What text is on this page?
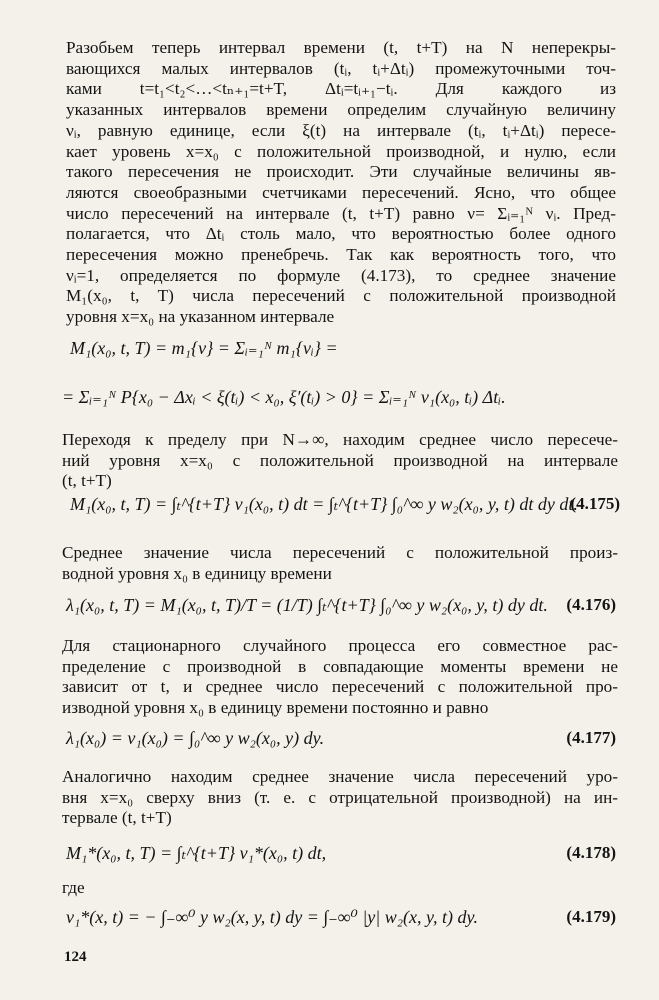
Разобьем теперь интервал времени (t, t+T) на N неперекры-
вающихся малых интервалов (tᵢ, tᵢ+Δtᵢ) промежуточными точ-
ками t=t₁<t₂<…<tₙ₊₁=t+T, Δtᵢ=tᵢ₊₁−tᵢ. Для каждого из
указанных интервалов времени определим случайную величину
νᵢ, равную единице, если ξ(t) на интервале (tᵢ, tᵢ+Δtᵢ) пересе-
кает уровень x=x₀ с положительной производной, и нулю, если
такого пересечения не происходит. Эти случайные величины яв-
ляются своеобразными счетчиками пересечений. Ясно, что общее
число пересечений на интервале (t, t+T) равно ν= Σᵢ₌₁ᴺ νᵢ. Пред-
полагается, что Δtᵢ столь мало, что вероятностью более одного
пересечения можно пренебречь. Так как вероятность того, что
νᵢ=1, определяется по формуле (4.173), то среднее значение
M₁(x₀, t, T) числа пересечений с положительной производной
уровня x=x₀ на указанном интервале
M₁(x₀, t, T) = m₁{ν} = Σᵢ₌₁ᴺ m₁{νᵢ} =
= Σᵢ₌₁ᴺ P{x₀ − Δxᵢ < ξ(tᵢ) < x₀, ξ′(tᵢ) > 0} = Σᵢ₌₁ᴺ v₁(x₀, tᵢ) Δtᵢ.
Переходя к пределу при N→∞, находим среднее число пересече-
ний уровня x=x₀ с положительной производной на интервале
(t, t+T)
M₁(x₀, t, T) = ∫ₜ^{t+T} v₁(x₀, t) dt = ∫ₜ^{t+T} ∫₀^∞ y w₂(x₀, y, t) dt dy dt.
(4.175)
Среднее значение числа пересечений с положительной произ-
водной уровня x₀ в единицу времени
λ₁(x₀, t, T) = M₁(x₀, t, T)/T = (1/T) ∫ₜ^{t+T} ∫₀^∞ y w₂(x₀, y, t) dy dt. (4.176)
Для стационарного случайного процесса его совместное рас-
пределение с производной в совпадающие моменты времени не
зависит от t, и среднее число пересечений с положительной про-
изводной уровня x₀ в единицу времени постоянно и равно
λ₁(x₀) = v₁(x₀) = ∫₀^∞ y w₂(x₀, y) dy.	(4.177)
Аналогично находим среднее значение числа пересечений уро-
вня x=x₀ сверху вниз (т. е. с отрицательной производной) на ин-
тервале (t, t+T)
M₁*(x₀, t, T) = ∫ₜ^{t+T} v₁*(x₀, t) dt,	(4.178)
где
v₁*(x, t) = − ∫₋∞⁰ y w₂(x, y, t) dy = ∫₋∞⁰ |y| w₂(x, y, t) dy.	(4.179)
124
